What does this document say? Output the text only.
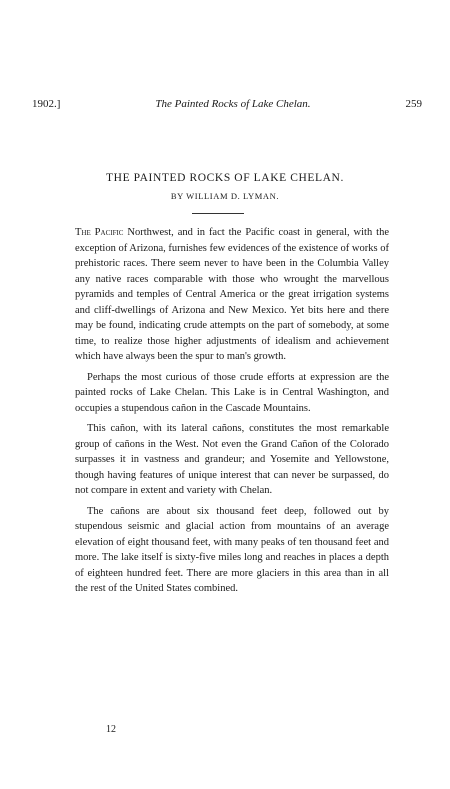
1902.]	The Painted Rocks of Lake Chelan.	259
THE PAINTED ROCKS OF LAKE CHELAN.
BY WILLIAM D. LYMAN.

The Pacific Northwest, and in fact the Pacific coast in general, with the exception of Arizona, furnishes few evidences of the existence of works of prehistoric races. There seem never to have been in the Columbia Valley any native races comparable with those who wrought the marvellous pyramids and temples of Central America or the great irrigation systems and cliff-dwellings of Arizona and New Mexico. Yet bits here and there may be found, indicating crude attempts on the part of somebody, at some time, to realize those higher adjustments of idealism and achievement which have always been the spur to man's growth.

Perhaps the most curious of those crude efforts at expression are the painted rocks of Lake Chelan. This Lake is in Central Washington, and occupies a stupendous cañon in the Cascade Mountains.

This cañon, with its lateral cañons, constitutes the most remarkable group of cañons in the West. Not even the Grand Cañon of the Colorado surpasses it in vastness and grandeur; and Yosemite and Yellowstone, though having features of unique interest that can never be surpassed, do not compare in extent and variety with Chelan.

The cañons are about six thousand feet deep, followed out by stupendous seismic and glacial action from mountains of an average elevation of eight thousand feet, with many peaks of ten thousand feet and more. The lake itself is sixty-five miles long and reaches in places a depth of eighteen hundred feet. There are more glaciers in this area than in all the rest of the United States combined.

12
